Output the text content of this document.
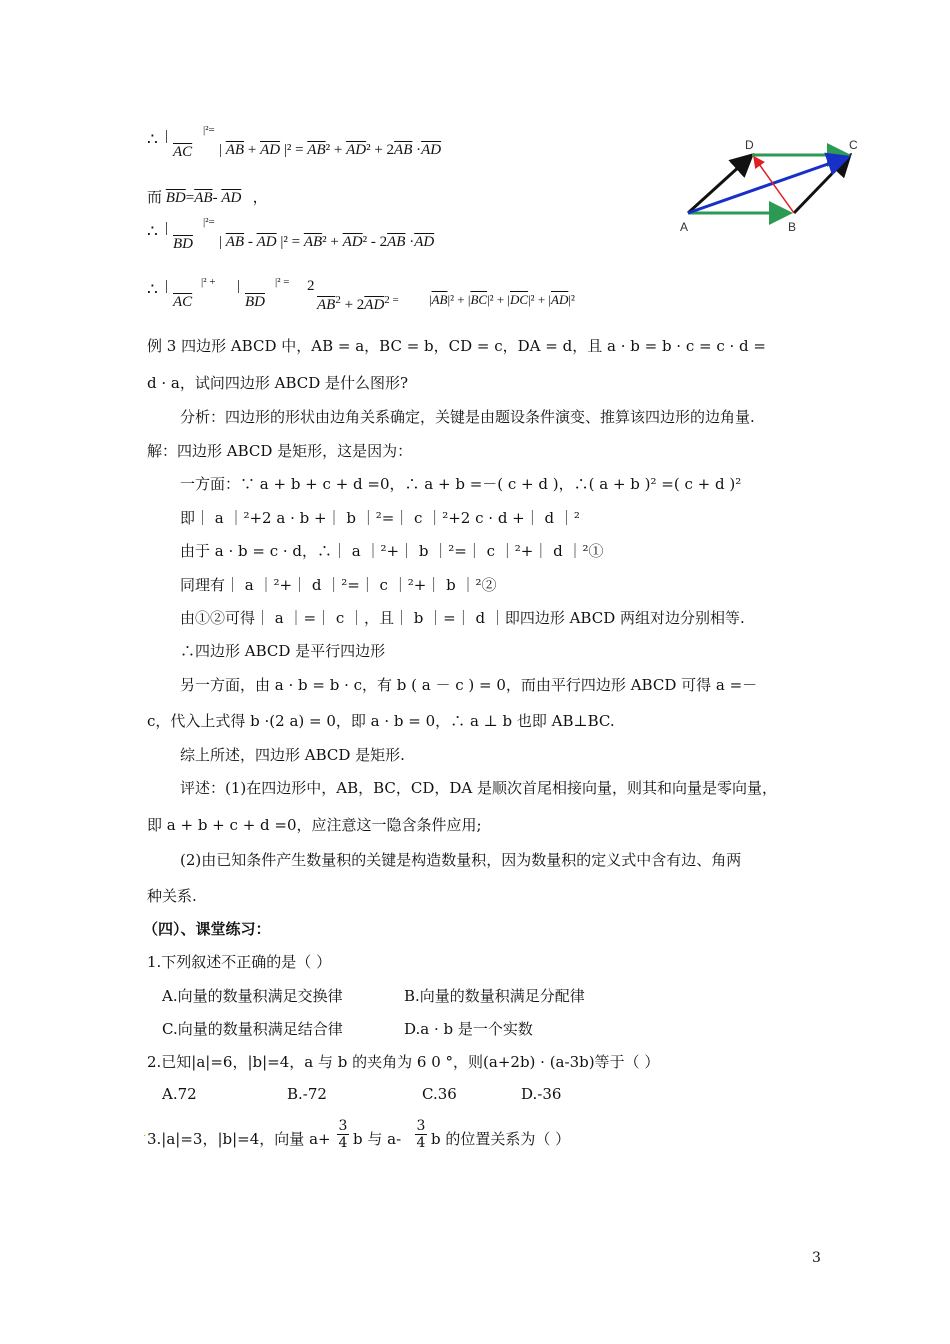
∴ |
$\overline{AC}$
|²=
| $\overline{AB} + \overline{AD}$ $|^2 = \overline{AB}^2 + \overline{AD}^2 + 2\overline{AB} \cdot\overline{AD}$
而 $\overline{BD}=\overline{AB}-$ $\overline{AD}$   ，
∴ |
$\overline{BD}$
|²=
| $\overline{AB} - \overline{AD}$ $|^2 = \overline{AB}^2 + \overline{AD}^2 - 2\overline{AB} \cdot\overline{AD}$
∴ |
$\overline{AC}$
|² + |
$\overline{BD}$
|² = 2
$\overline{AB}^2 + 2\overline{AD}^{2 =}$ $|\overline{AB}|^2 + |\overline{BC}|^2 + |\overline{DC}|^2 + |\overline{AD}|^2$
D	C
A	B
例 3 四边形 ABCD 中，AB = a，BC = b，CD = c，DA = d，且 a · b = b · c = c · d =
d · a，试问四边形 ABCD 是什么图形?
分析：四边形的形状由边角关系确定，关键是由题设条件演变、推算该四边形的边角量.
解：四边形 ABCD 是矩形，这是因为：
一方面：∵ a + b + c + d =0，∴ a + b =－( c + d )，∴( a + b )² =( c + d )²
即｜ a ｜²+2 a · b +｜ b ｜²=｜ c ｜²+2 c · d +｜ d ｜²
由于 a · b = c · d，∴｜ a ｜²+｜ b ｜²=｜ c ｜²+｜ d ｜²①
同理有｜ a ｜²+｜ d ｜²=｜ c ｜²+｜ b ｜²②
由①②可得｜ a ｜=｜ c ｜，且｜ b ｜=｜ d ｜即四边形 ABCD 两组对边分别相等.
∴四边形 ABCD 是平行四边形
另一方面，由 a · b = b · c，有 b ( a － c ) = 0，而由平行四边形 ABCD 可得 a =－
c，代入上式得 b ·(2 a) = 0，即 a · b = 0，∴ a ⊥ b 也即 AB⊥BC.
综上所述，四边形 ABCD 是矩形.
评述：(1)在四边形中，AB，BC，CD，DA 是顺次首尾相接向量，则其和向量是零向量，
即 a + b + c + d =0，应注意这一隐含条件应用;
(2)由已知条件产生数量积的关键是构造数量积，因为数量积的定义式中含有边、角两
种关系.
（四）、课堂练习：
1.下列叙述不正确的是（ ）
A.向量的数量积满足交换律	B.向量的数量积满足分配律
C.向量的数量积满足结合律	D.a · b 是一个实数
2.已知|a|=6，|b|=4，a 与 b 的夹角为 6 0 °，则(a+2b) · (a-3b)等于（ ）
A.72	B.-72	C.36	D.-36
. 3.|a|=3，|b|=4，向量 $a+ \frac{3}{4}$ b 与 $a- \frac{3}{4}$ b 的位置关系为（ ）
3
